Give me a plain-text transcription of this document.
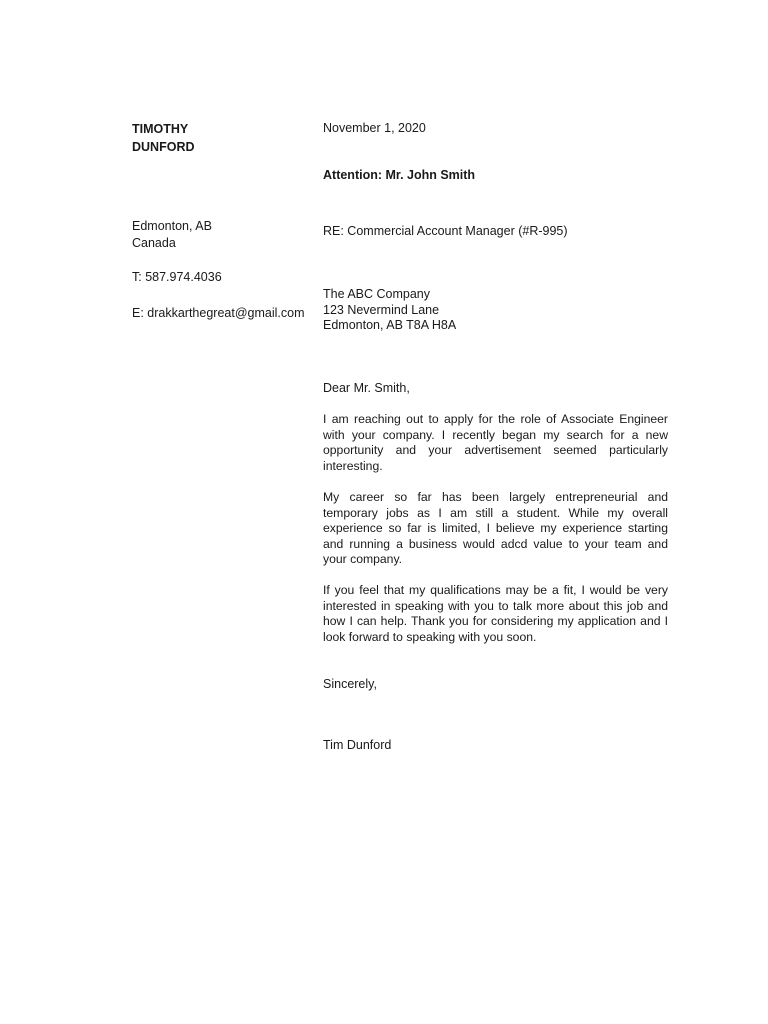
TIMOTHY
DUNFORD
Edmonton, AB
Canada
T: 587.974.4036
E: drakkarthegreat@gmail.com
November 1, 2020
Attention: Mr. John Smith
RE: Commercial Account Manager (#R-995)
The ABC Company
123 Nevermind Lane
Edmonton, AB T8A H8A
Dear Mr. Smith,
I am reaching out to apply for the role of Associate Engineer with your company. I recently began my search for a new opportunity and your advertisement seemed particularly interesting.
My career so far has been largely entrepreneurial and temporary jobs as I am still a student. While my overall experience so far is limited, I believe my experience starting and running a business would adcd value to your team and your company.
If you feel that my qualifications may be a fit, I would be very interested in speaking with you to talk more about this job and how I can help. Thank you for considering my application and I look forward to speaking with you soon.
Sincerely,
Tim Dunford
